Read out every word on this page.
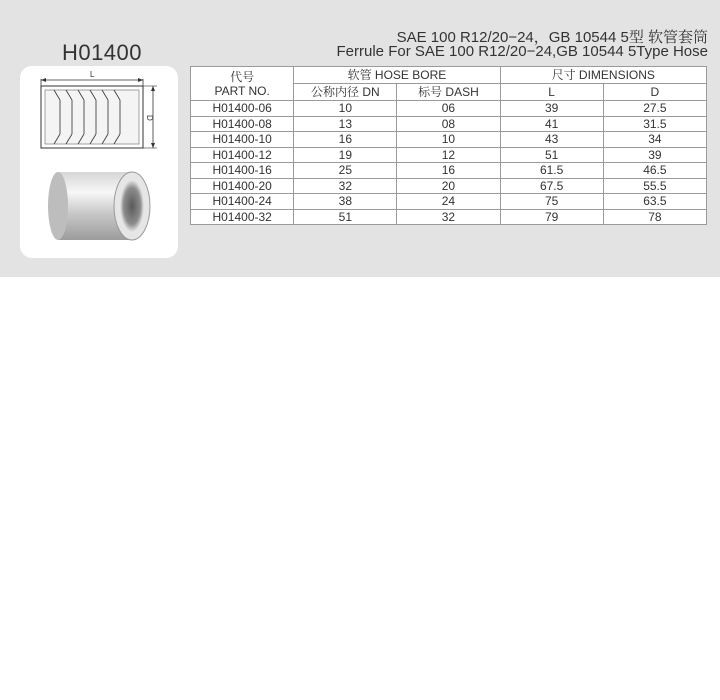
SAE 100 R12/20−24，GB 10544 5型 软管套筒
Ferrule For SAE 100 R12/20−24,GB 10544 5Type Hose
H01400
L
D
代号
PART NO.	软管 HOSE BORE		尺寸 DIMENSIONS	
	公称内径 DN	标号 DASH	L	D
H01400-06	10	06	39	27.5
H01400-08	13	08	41	31.5
H01400-10	16	10	43	34
H01400-12	19	12	51	39
H01400-16	25	16	61.5	46.5
H01400-20	32	20	67.5	55.5
H01400-24	38	24	75	63.5
H01400-32	51	32	79	78
